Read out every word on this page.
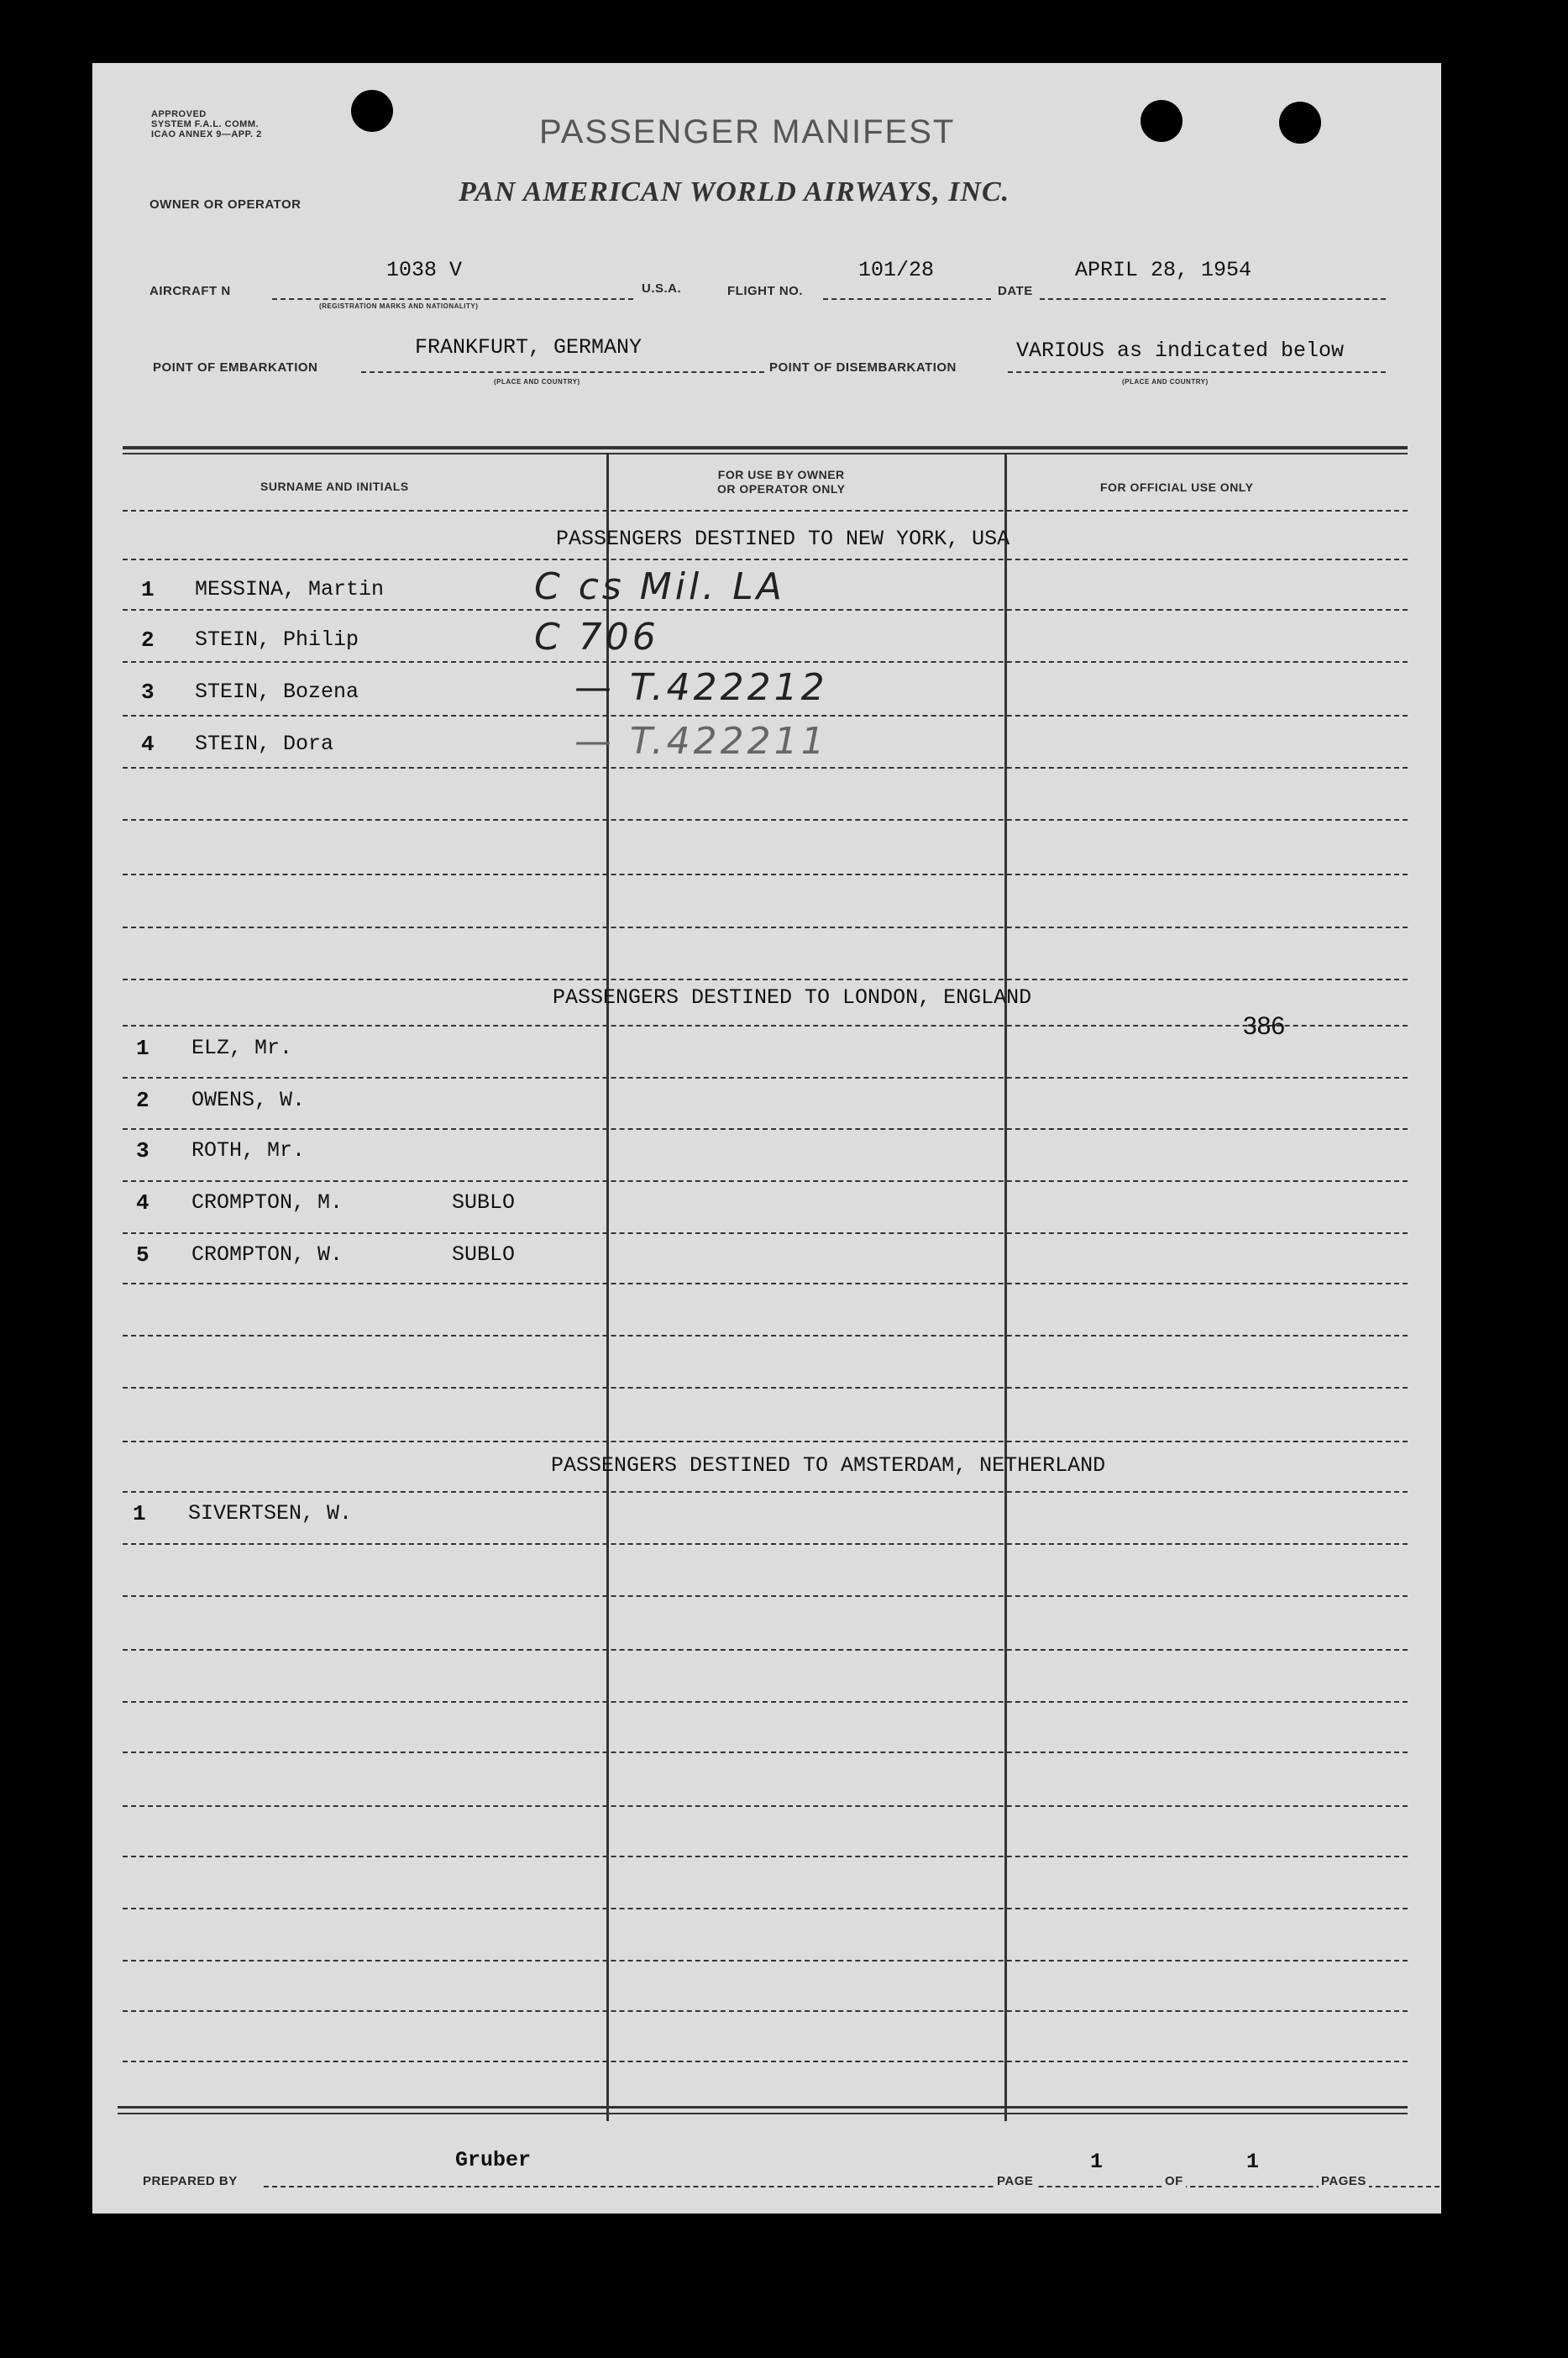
APPROVED
SYSTEM F.A.L. COMM.
ICAO ANNEX 9—APP. 2	PASSENGER MANIFEST
OWNER OR OPERATOR	PAN AMERICAN WORLD AIRWAYS, INC.
AIRCRAFT N
1038 V
(REGISTRATION MARKS AND NATIONALITY)
U.S.A.	FLIGHT NO.
101/28
DATE
APRIL 28, 1954
POINT OF EMBARKATION
FRANKFURT, GERMANY
(PLACE AND COUNTRY)
POINT OF DISEMBARKATION
VARIOUS as indicated below
(PLACE AND COUNTRY)
SURNAME AND INITIALS
FOR USE BY OWNER
OR OPERATOR ONLY	FOR OFFICIAL USE ONLY
PASSENGERS DESTINED TO NEW YORK, USA
1 MESSINA, Martin	C cs Mil. LA
2 STEIN, Philip	C 706
3 STEIN, Bozena	— T.422212
4 STEIN, Dora	— T.422211
PASSENGERS DESTINED TO LONDON, ENGLAND
1 ELZ, Mr.
2 OWENS, W.
3 ROTH, Mr.
4 CROMPTON, M.	SUBLO
5 CROMPTON, W.	SUBLO
PASSENGERS DESTINED TO AMSTERDAM, NETHERLAND
1 SIVERTSEN, W.
386
PREPARED BY
Gruber
PAGE
1
OF
1
PAGES
